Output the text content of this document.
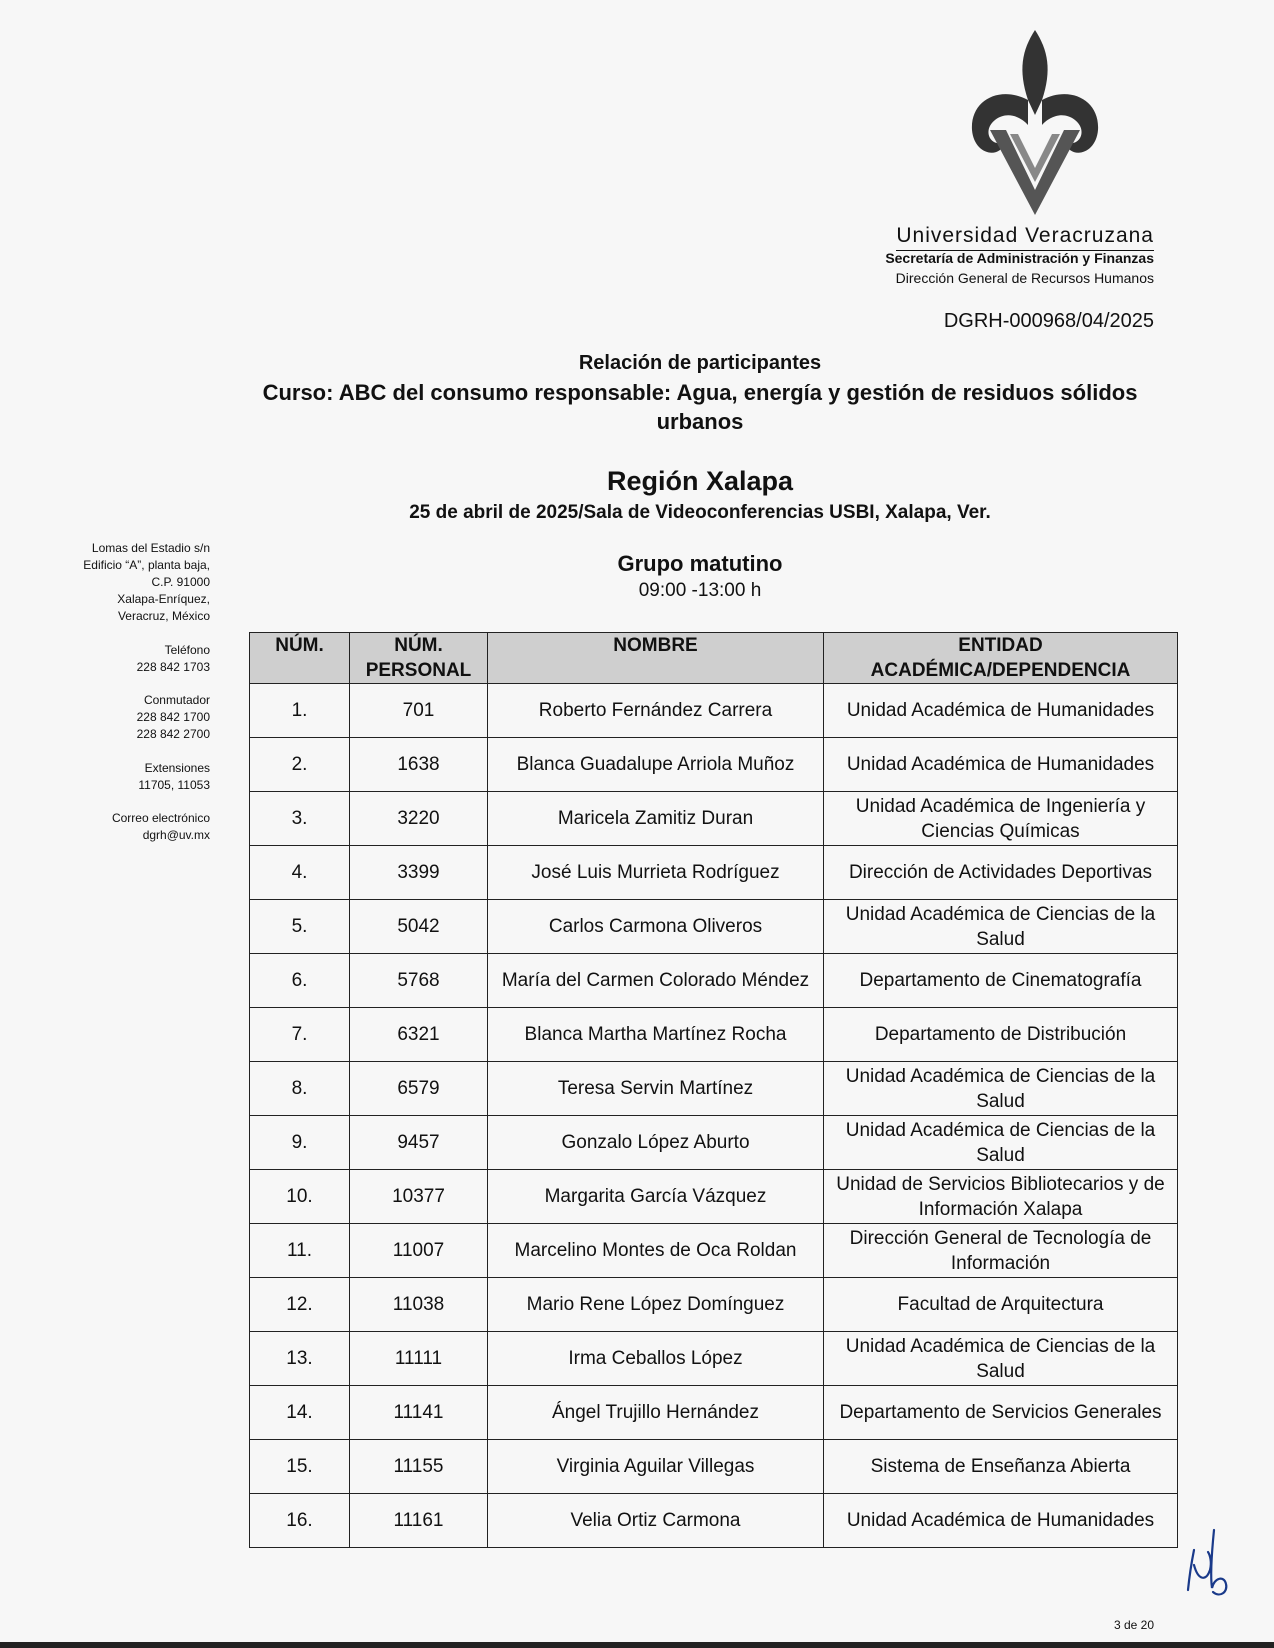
Universidad Veracruzana
Secretaría de Administración y Finanzas
Dirección General de Recursos Humanos
DGRH-000968/04/2025
Relación de participantes
Curso: ABC del consumo responsable: Agua, energía y gestión de residuos sólidos urbanos
Región Xalapa
25 de abril de 2025/Sala de Videoconferencias USBI, Xalapa, Ver.
Grupo matutino
09:00 -13:00 h
Lomas del Estadio s/n
Edificio “A”, planta baja,
C.P. 91000
Xalapa-Enríquez,
Veracruz, México
Teléfono
228 842 1703
Conmutador
228 842 1700
228 842 2700
Extensiones
11705, 11053
Correo electrónico
dgrh@uv.mx
NÚM.	NÚM. PERSONAL	NOMBRE	ENTIDAD ACADÉMICA/DEPENDENCIA
1.	701	Roberto Fernández Carrera	Unidad Académica de Humanidades
2.	1638	Blanca Guadalupe Arriola Muñoz	Unidad Académica de Humanidades
3.	3220	Maricela Zamitiz Duran	Unidad Académica de Ingeniería y Ciencias Químicas
4.	3399	José Luis Murrieta Rodríguez	Dirección de Actividades Deportivas
5.	5042	Carlos Carmona Oliveros	Unidad Académica de Ciencias de la Salud
6.	5768	María del Carmen Colorado Méndez	Departamento de Cinematografía
7.	6321	Blanca Martha Martínez Rocha	Departamento de Distribución
8.	6579	Teresa Servin Martínez	Unidad Académica de Ciencias de la Salud
9.	9457	Gonzalo López Aburto	Unidad Académica de Ciencias de la Salud
10.	10377	Margarita García Vázquez	Unidad de Servicios Bibliotecarios y de Información Xalapa
11.	11007	Marcelino Montes de Oca Roldan	Dirección General de Tecnología de Información
12.	11038	Mario Rene López Domínguez	Facultad de Arquitectura
13.	11111	Irma Ceballos López	Unidad Académica de Ciencias de la Salud
14.	11141	Ángel Trujillo Hernández	Departamento de Servicios Generales
15.	11155	Virginia Aguilar Villegas	Sistema de Enseñanza Abierta
16.	11161	Velia Ortiz Carmona	Unidad Académica de Humanidades
3 de 20
